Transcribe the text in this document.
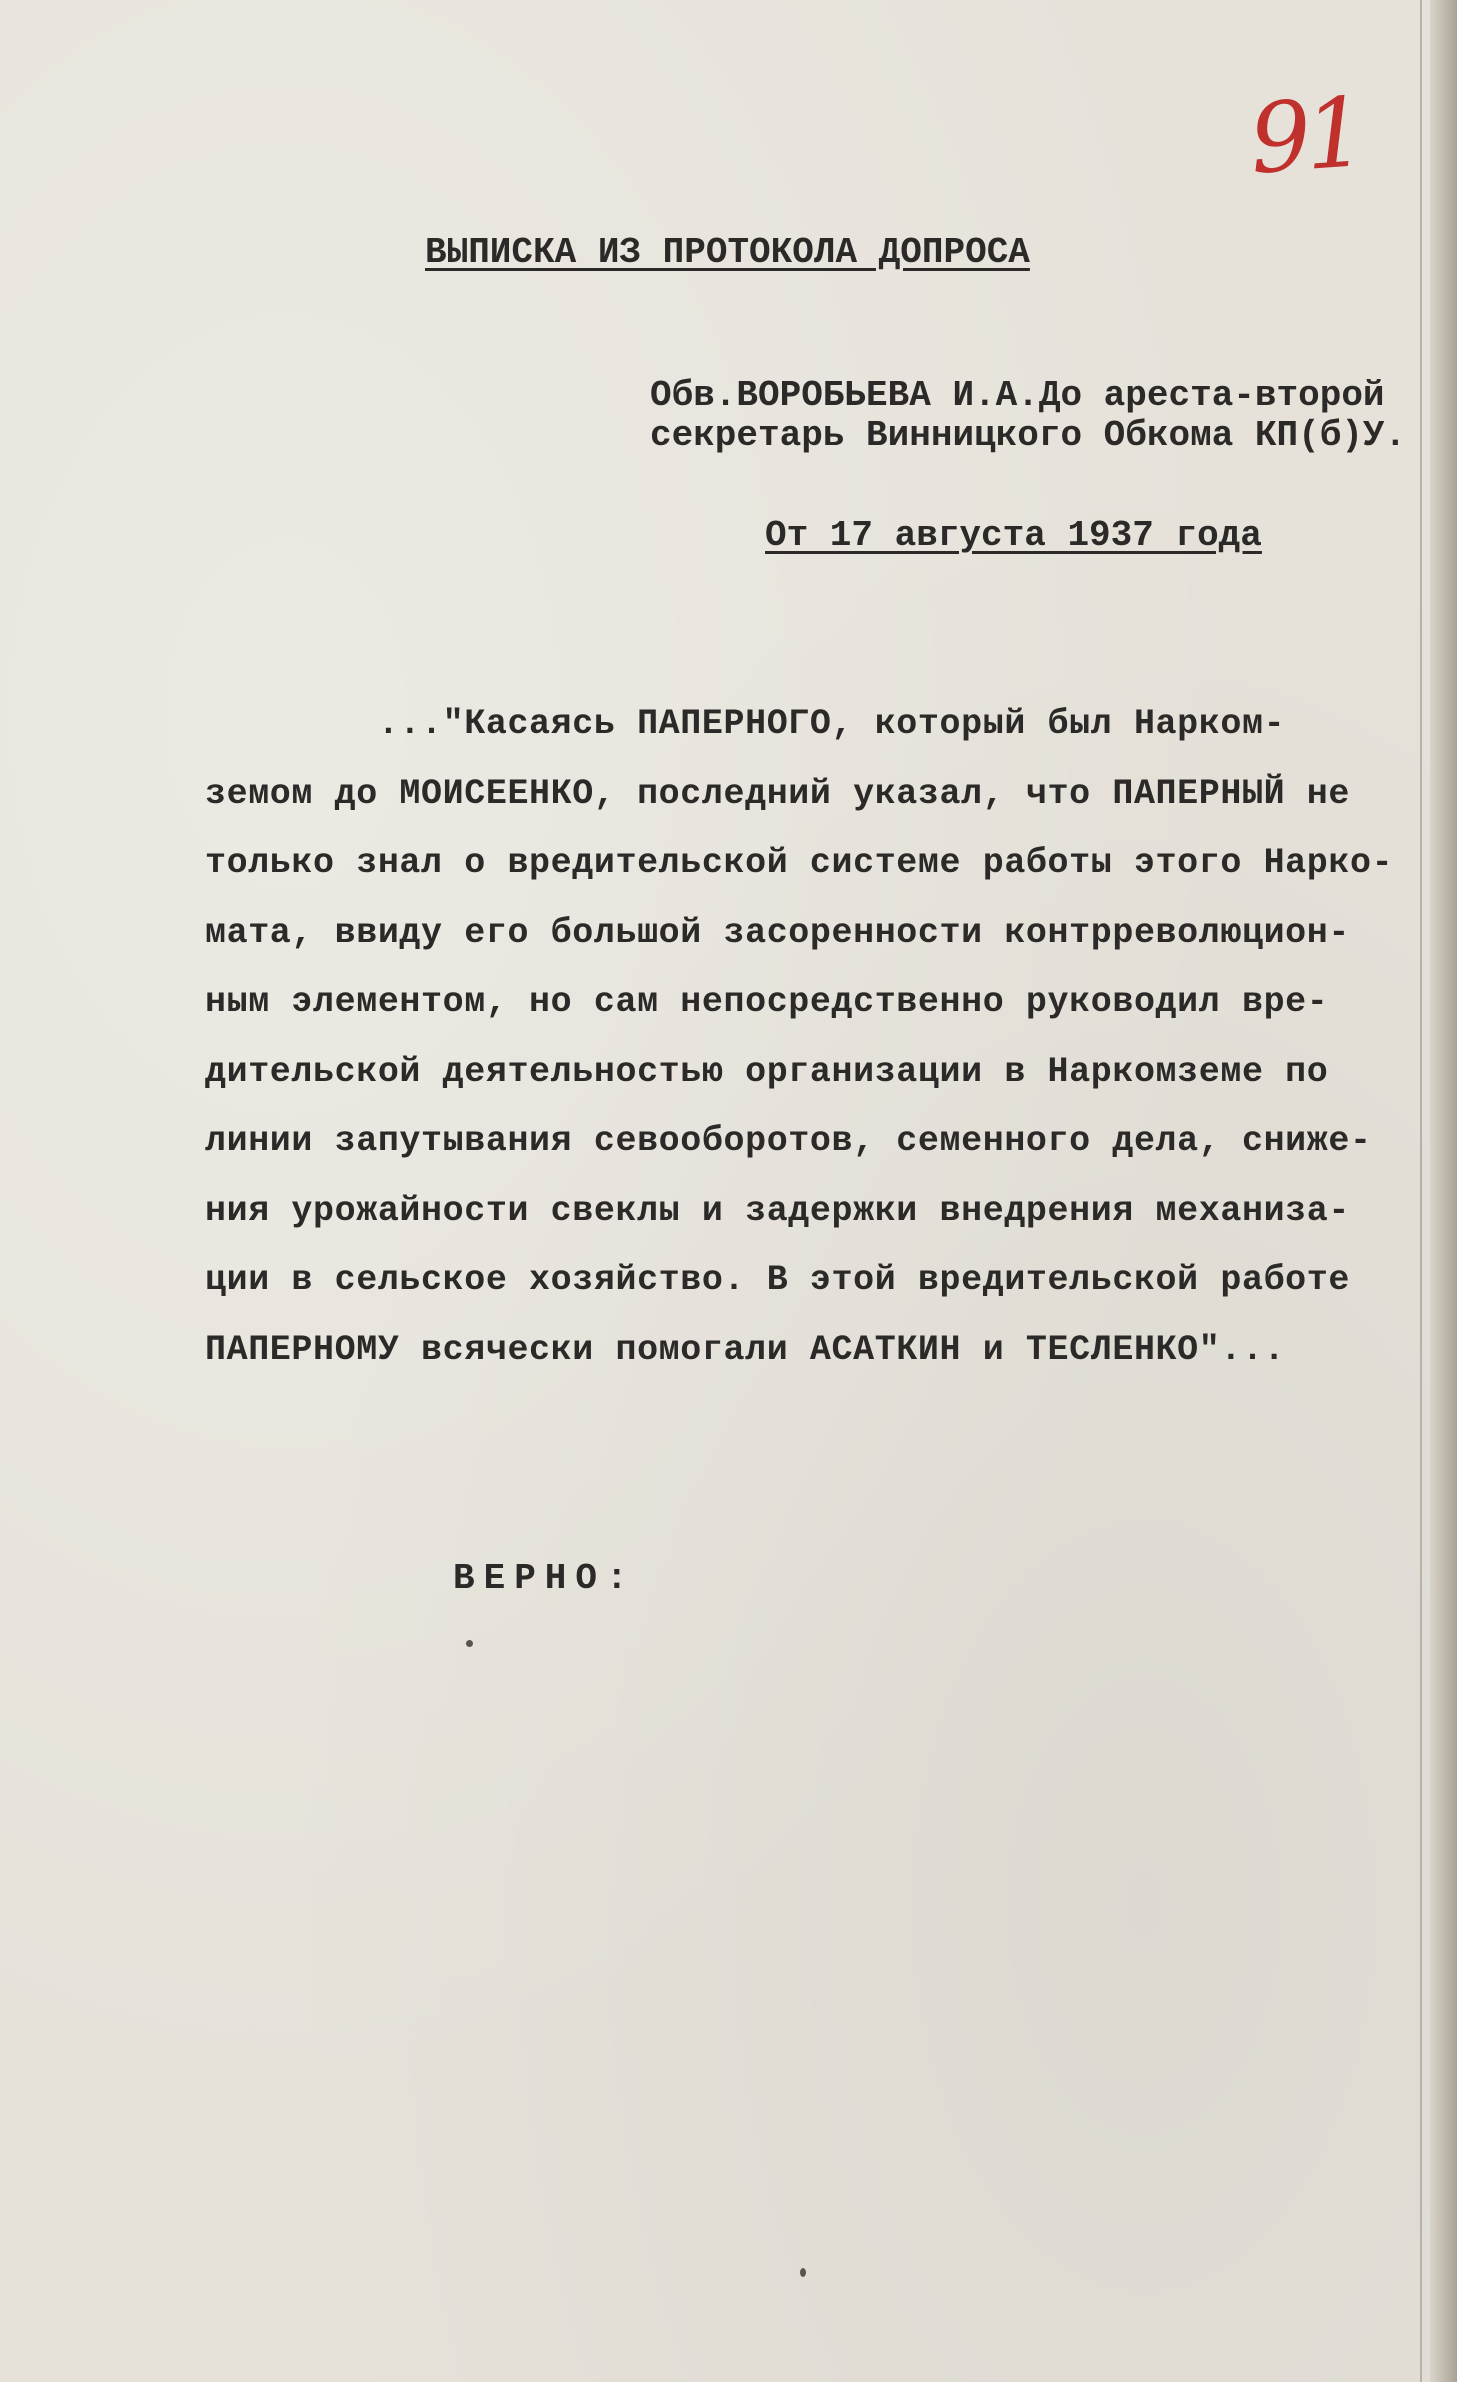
91
ВЫПИСКА ИЗ ПРОТОКОЛА ДОПРОСА
Обв.ВОРОБЬЕВА И.А.До ареста-второй
секретарь Винницкого Обкома КП(б)У.
От 17 августа 1937 года
..."Касаясь ПАПЕРНОГО, который был Нарком-
земом до МОИСЕЕНКО, последний указал, что ПАПЕРНЫЙ не
только знал о вредительской системе работы этого Нарко-
мата, ввиду его большой засоренности контрреволюцион-
ным элементом, но сам непосредственно руководил вре-
дительской деятельностью организации в Наркомземе по
линии запутывания севооборотов, семенного дела, сниже-
ния урожайности свеклы и задержки внедрения механиза-
ции в сельское хозяйство. В этой вредительской работе
ПАПЕРНОМУ всячески помогали АСАТКИН и ТЕСЛЕНКО"...
ВЕРНО:
